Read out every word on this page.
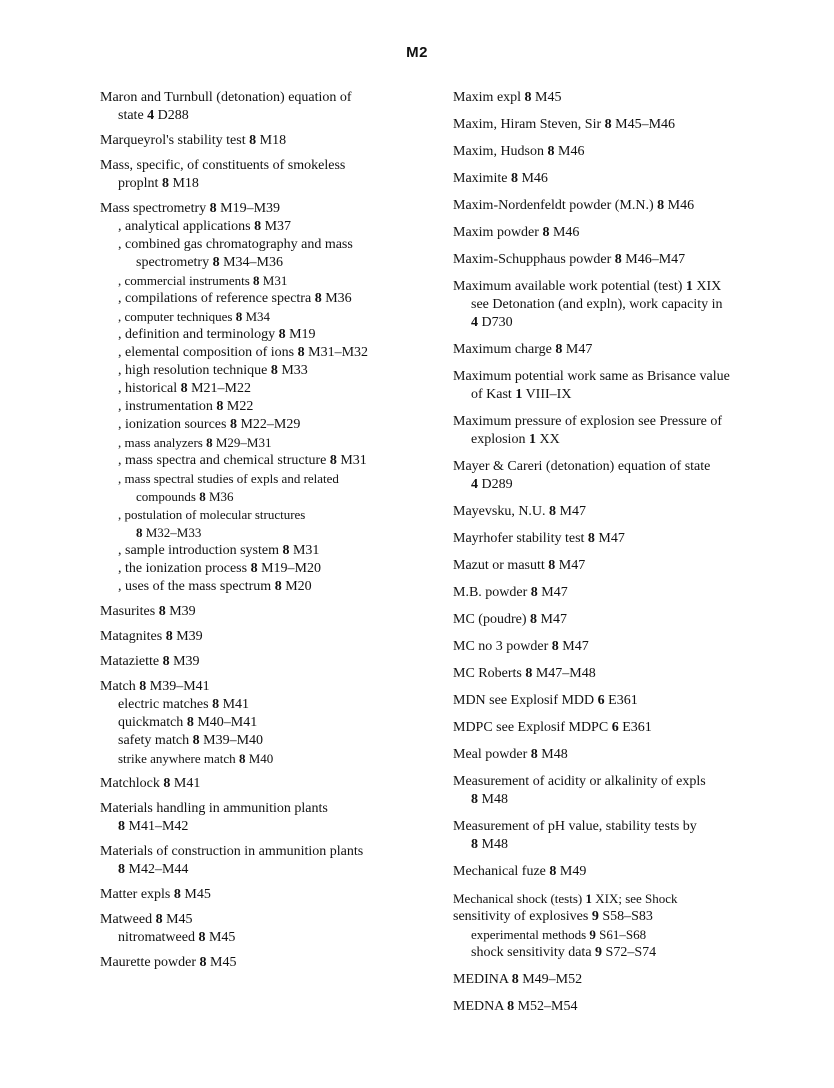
M2
Maron and Turnbull (detonation) equation of
state 4 D288
Marqueyrol's stability test 8 M18
Mass, specific, of constituents of smokeless
proplnt 8 M18
Mass spectrometry 8 M19–M39
, analytical applications 8 M37
, combined gas chromatography and mass
spectrometry 8 M34–M36
, commercial instruments 8 M31
, compilations of reference spectra 8 M36
, computer techniques 8 M34
, definition and terminology 8 M19
, elemental composition of ions 8 M31–M32
, high resolution technique 8 M33
, historical 8 M21–M22
, instrumentation 8 M22
, ionization sources 8 M22–M29
, mass analyzers 8 M29–M31
, mass spectra and chemical structure 8 M31
, mass spectral studies of expls and related
compounds 8 M36
, postulation of molecular structures
8 M32–M33
, sample introduction system 8 M31
, the ionization process 8 M19–M20
, uses of the mass spectrum 8 M20
Masurites 8 M39
Matagnites 8 M39
Mataziette 8 M39
Match 8 M39–M41
electric matches 8 M41
quickmatch 8 M40–M41
safety match 8 M39–M40
strike anywhere match 8 M40
Matchlock 8 M41
Materials handling in ammunition plants
8 M41–M42
Materials of construction in ammunition plants
8 M42–M44
Matter expls 8 M45
Matweed 8 M45
nitromatweed 8 M45
Maurette powder 8 M45
Maxim expl 8 M45
Maxim, Hiram Steven, Sir 8 M45–M46
Maxim, Hudson 8 M46
Maximite 8 M46
Maxim-Nordenfeldt powder (M.N.) 8 M46
Maxim powder 8 M46
Maxim-Schupphaus powder 8 M46–M47
Maximum available work potential (test) 1 XIX
see Detonation (and expln), work capacity in
4 D730
Maximum charge 8 M47
Maximum potential work same as Brisance value
of Kast 1 VIII–IX
Maximum pressure of explosion see Pressure of
explosion 1 XX
Mayer & Careri (detonation) equation of state
4 D289
Mayevsku, N.U. 8 M47
Mayrhofer stability test 8 M47
Mazut or masutt 8 M47
M.B. powder 8 M47
MC (poudre) 8 M47
MC no 3 powder 8 M47
MC Roberts 8 M47–M48
MDN see Explosif MDD 6 E361
MDPC see Explosif MDPC 6 E361
Meal powder 8 M48
Measurement of acidity or alkalinity of expls
8 M48
Measurement of pH value, stability tests by
8 M48
Mechanical fuze 8 M49
Mechanical shock (tests) 1 XIX; see Shock
sensitivity of explosives 9 S58–S83
experimental methods 9 S61–S68
shock sensitivity data 9 S72–S74
MEDINA 8 M49–M52
MEDNA 8 M52–M54
